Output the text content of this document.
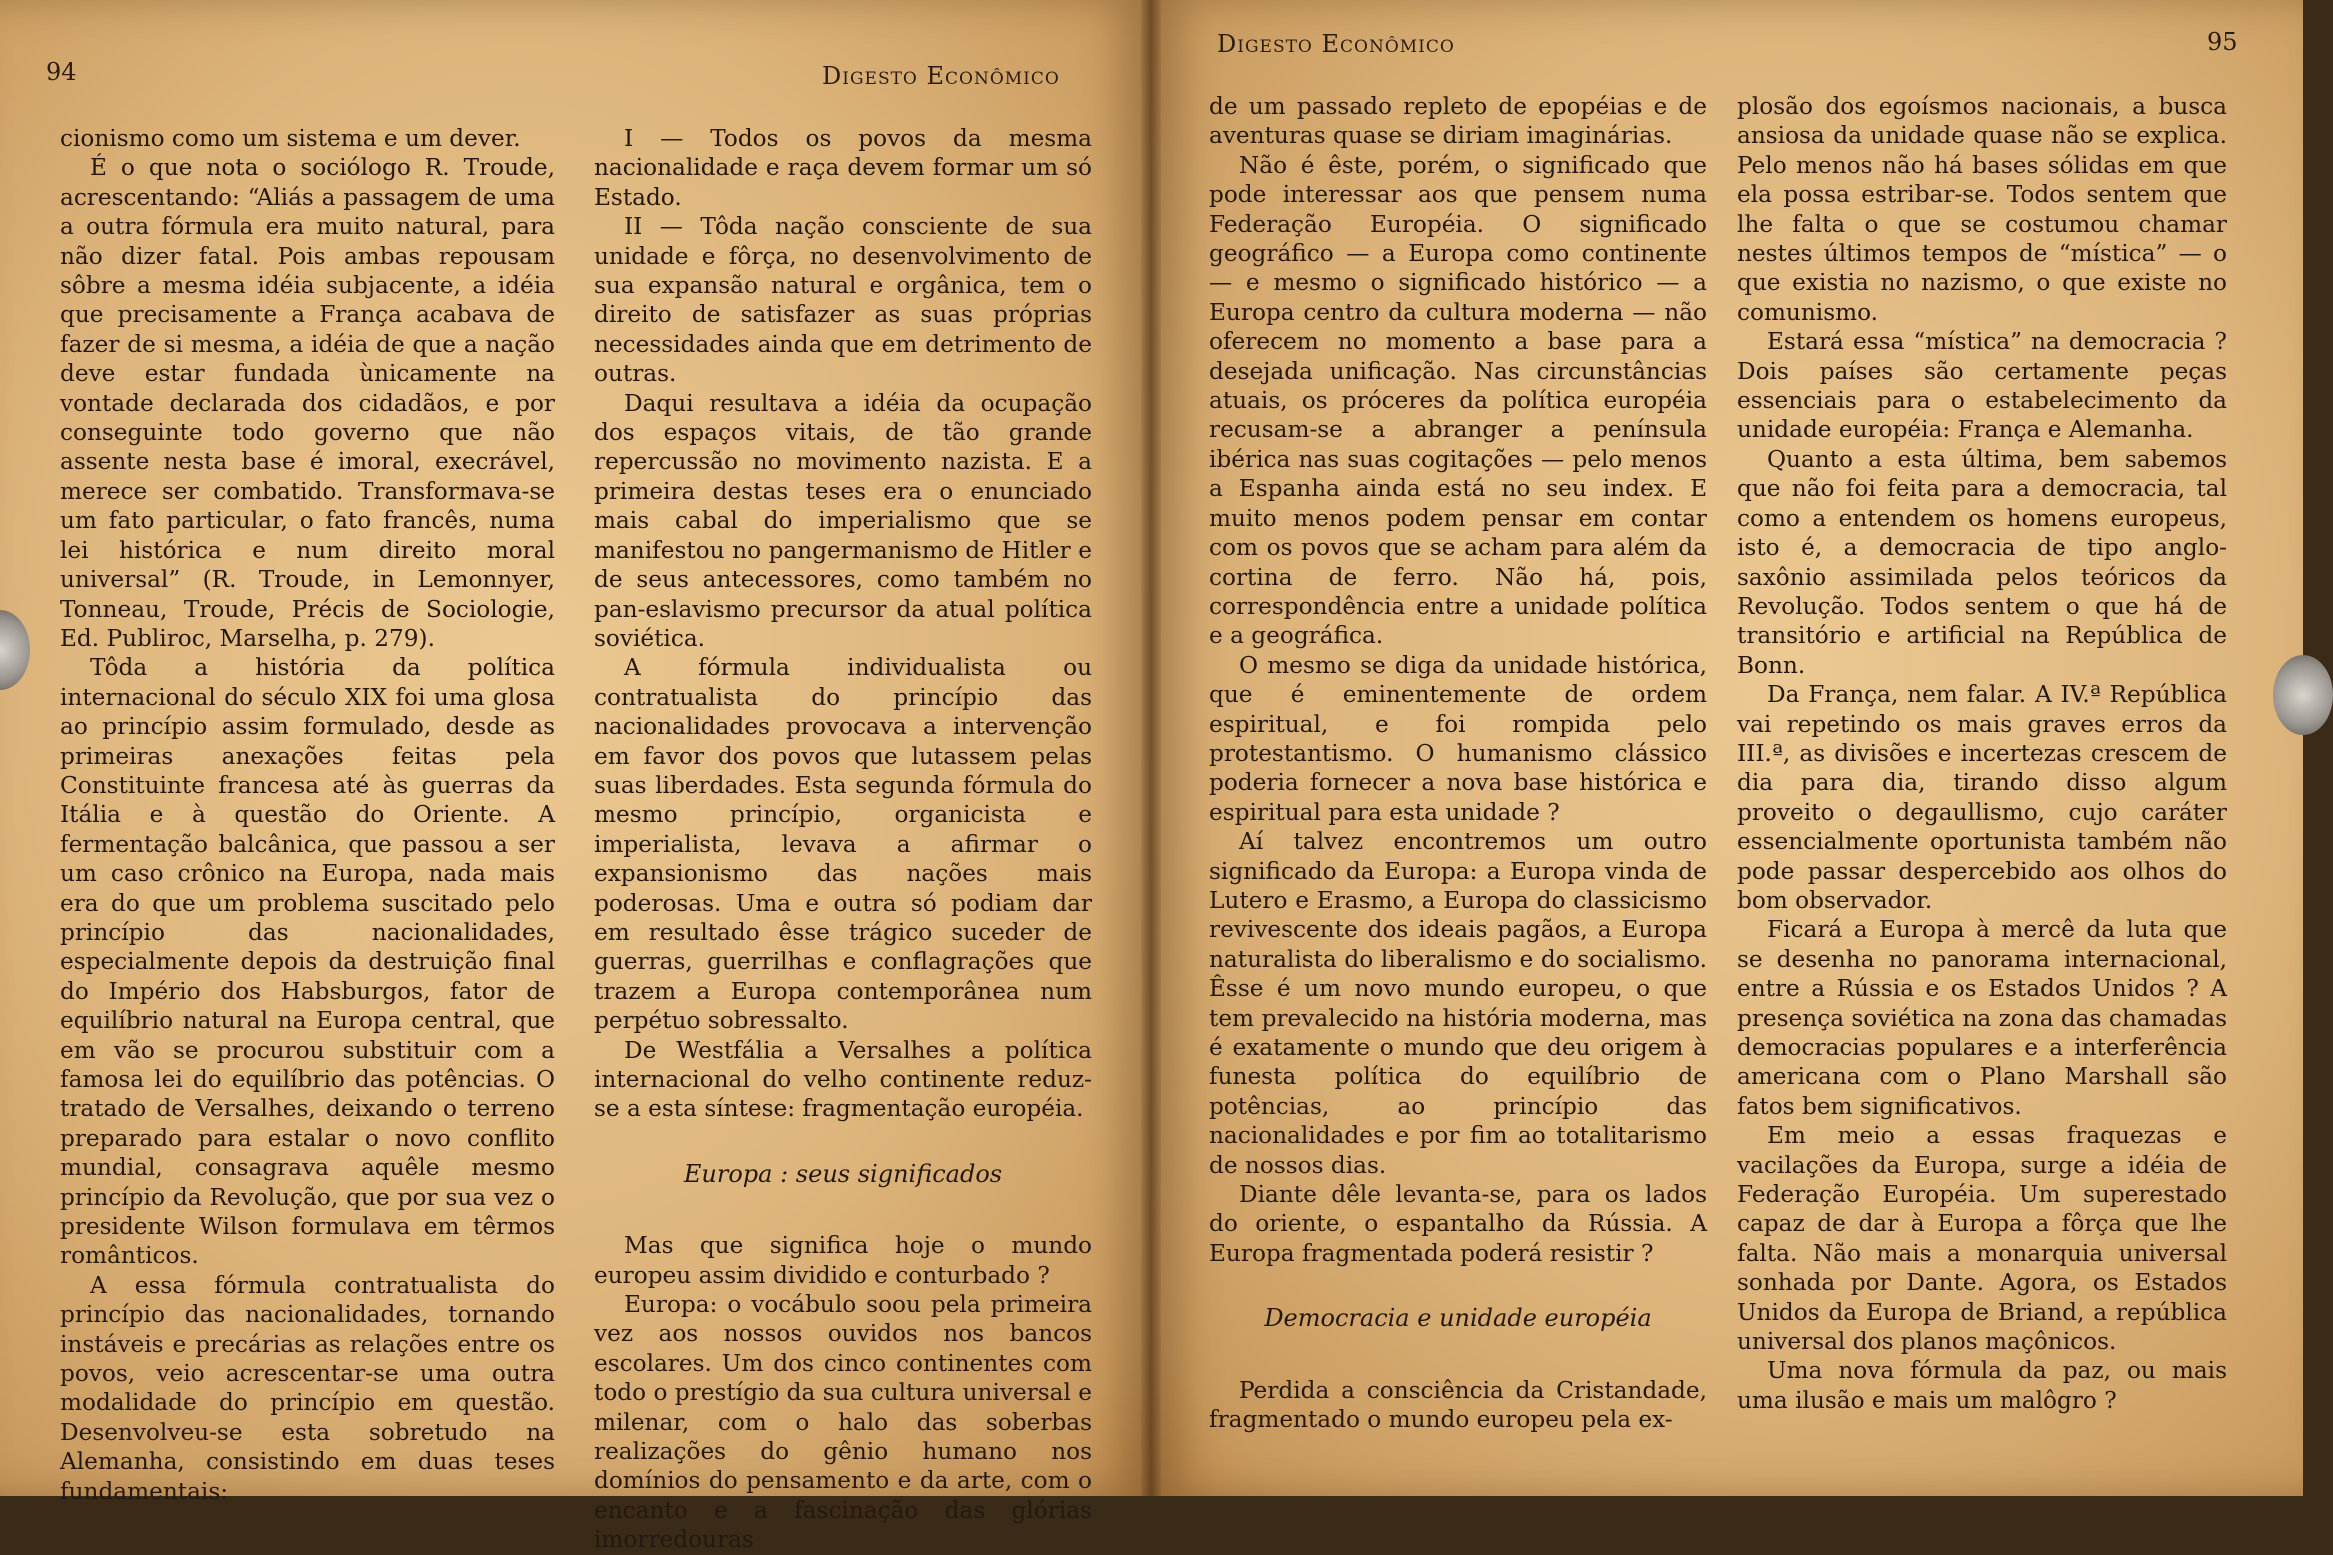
94	Digesto Econômico

cionismo como um sistema e um dever.

É o que nota o sociólogo R. Troude, acrescentando: “Aliás a passagem de uma a outra fórmula era muito natural, para não dizer fatal. Pois ambas repousam sôbre a mesma idéia subjacente, a idéia que precisamente a França acabava de fazer de si mesma, a idéia de que a nação deve estar fundada ùnicamente na vontade declarada dos cidadãos, e por conseguinte todo governo que não assente nesta base é imoral, execrável, merece ser combatido. Transformava-se um fato particular, o fato francês, numa lei histórica e num direito moral universal” (R. Troude, in Lemonnyer, Tonneau, Troude, Précis de Sociologie, Ed. Publiroc, Marselha, p. 279).

Tôda a história da política internacional do século XIX foi uma glosa ao princípio assim formulado, desde as primeiras anexações feitas pela Constituinte francesa até às guerras da Itália e à questão do Oriente. A fermentação balcânica, que passou a ser um caso crônico na Europa, nada mais era do que um problema suscitado pelo princípio das nacionalidades, especialmente depois da destruição final do Império dos Habsburgos, fator de equilíbrio natural na Europa central, que em vão se procurou substituir com a famosa lei do equilíbrio das potências. O tratado de Versalhes, deixando o terreno preparado para estalar o novo conflito mundial, consagrava aquêle mesmo princípio da Revolução, que por sua vez o presidente Wilson formulava em têrmos românticos.

A essa fórmula contratualista do princípio das nacionalidades, tornando instáveis e precárias as relações entre os povos, veio acrescentar-se uma outra modalidade do princípio em questão. Desenvolveu-se esta sobretudo na Alemanha, consistindo em duas teses fundamentais:

I — Todos os povos da mesma nacionalidade e raça devem formar um só Estado.

II — Tôda nação consciente de sua unidade e fôrça, no desenvolvimento de sua expansão natural e orgânica, tem o direito de satisfazer as suas próprias necessidades ainda que em detrimento de outras.

Daqui resultava a idéia da ocupação dos espaços vitais, de tão grande repercussão no movimento nazista. E a primeira destas teses era o enunciado mais cabal do imperialismo que se manifestou no pangermanismo de Hitler e de seus antecessores, como também no pan-eslavismo precursor da atual política soviética.

A fórmula individualista ou contratualista do princípio das nacionalidades provocava a intervenção em favor dos povos que lutassem pelas suas liberdades. Esta segunda fórmula do mesmo princípio, organicista e imperialista, levava a afirmar o expansionismo das nações mais poderosas. Uma e outra só podiam dar em resultado êsse trágico suceder de guerras, guerrilhas e conflagrações que trazem a Europa contemporânea num perpétuo sobressalto.

De Westfália a Versalhes a política internacional do velho continente reduz-se a esta síntese: fragmentação européia.

Europa : seus significados

Mas que significa hoje o mundo europeu assim dividido e conturbado ?

Europa: o vocábulo soou pela primeira vez aos nossos ouvidos nos bancos escolares. Um dos cinco continentes com todo o prestígio da sua cultura universal e milenar, com o halo das soberbas realizações do gênio humano nos domínios do pensamento e da arte, com o encanto e a fascinação das glórias imorredouras

Digesto Econômico	95

de um passado repleto de epopéias e de aventuras quase se diriam imaginárias.

Não é êste, porém, o significado que pode interessar aos que pensem numa Federação Européia. O significado geográfico — a Europa como continente — e mesmo o significado histórico — a Europa centro da cultura moderna — não oferecem no momento a base para a desejada unificação. Nas circunstâncias atuais, os próceres da política européia recusam-se a abranger a península ibérica nas suas cogitações — pelo menos a Espanha ainda está no seu index. E muito menos podem pensar em contar com os povos que se acham para além da cortina de ferro. Não há, pois, correspondência entre a unidade política e a geográfica.

O mesmo se diga da unidade histórica, que é eminentemente de ordem espiritual, e foi rompida pelo protestantismo. O humanismo clássico poderia fornecer a nova base histórica e espiritual para esta unidade ?

Aí talvez encontremos um outro significado da Europa: a Europa vinda de Lutero e Erasmo, a Europa do classicismo revivescente dos ideais pagãos, a Europa naturalista do liberalismo e do socialismo. Êsse é um novo mundo europeu, o que tem prevalecido na história moderna, mas é exatamente o mundo que deu origem à funesta política do equilíbrio de potências, ao princípio das nacionalidades e por fim ao totalitarismo de nossos dias.

Diante dêle levanta-se, para os lados do oriente, o espantalho da Rússia. A Europa fragmentada poderá resistir ?

Democracia e unidade européia

Perdida a consciência da Cristandade, fragmentado o mundo europeu pela ex-

plosão dos egoísmos nacionais, a busca ansiosa da unidade quase não se explica. Pelo menos não há bases sólidas em que ela possa estribar-se. Todos sentem que lhe falta o que se costumou chamar nestes últimos tempos de “mística” — o que existia no nazismo, o que existe no comunismo.

Estará essa “mística” na democracia ? Dois países são certamente peças essenciais para o estabelecimento da unidade européia: França e Alemanha.

Quanto a esta última, bem sabemos que não foi feita para a democracia, tal como a entendem os homens europeus, isto é, a democracia de tipo anglo-saxônio assimilada pelos teóricos da Revolução. Todos sentem o que há de transitório e artificial na República de Bonn.

Da França, nem falar. A IV.ª República vai repetindo os mais graves erros da III.ª, as divisões e incertezas crescem de dia para dia, tirando disso algum proveito o degaullismo, cujo caráter essencialmente oportunista também não pode passar despercebido aos olhos do bom observador.

Ficará a Europa à mercê da luta que se desenha no panorama internacional, entre a Rússia e os Estados Unidos ? A presença soviética na zona das chamadas democracias populares e a interferência americana com o Plano Marshall são fatos bem significativos.

Em meio a essas fraquezas e vacilações da Europa, surge a idéia de Federação Européia. Um superestado capaz de dar à Europa a fôrça que lhe falta. Não mais a monarquia universal sonhada por Dante. Agora, os Estados Unidos da Europa de Briand, a república universal dos planos maçônicos.

Uma nova fórmula da paz, ou mais uma ilusão e mais um malôgro ?
